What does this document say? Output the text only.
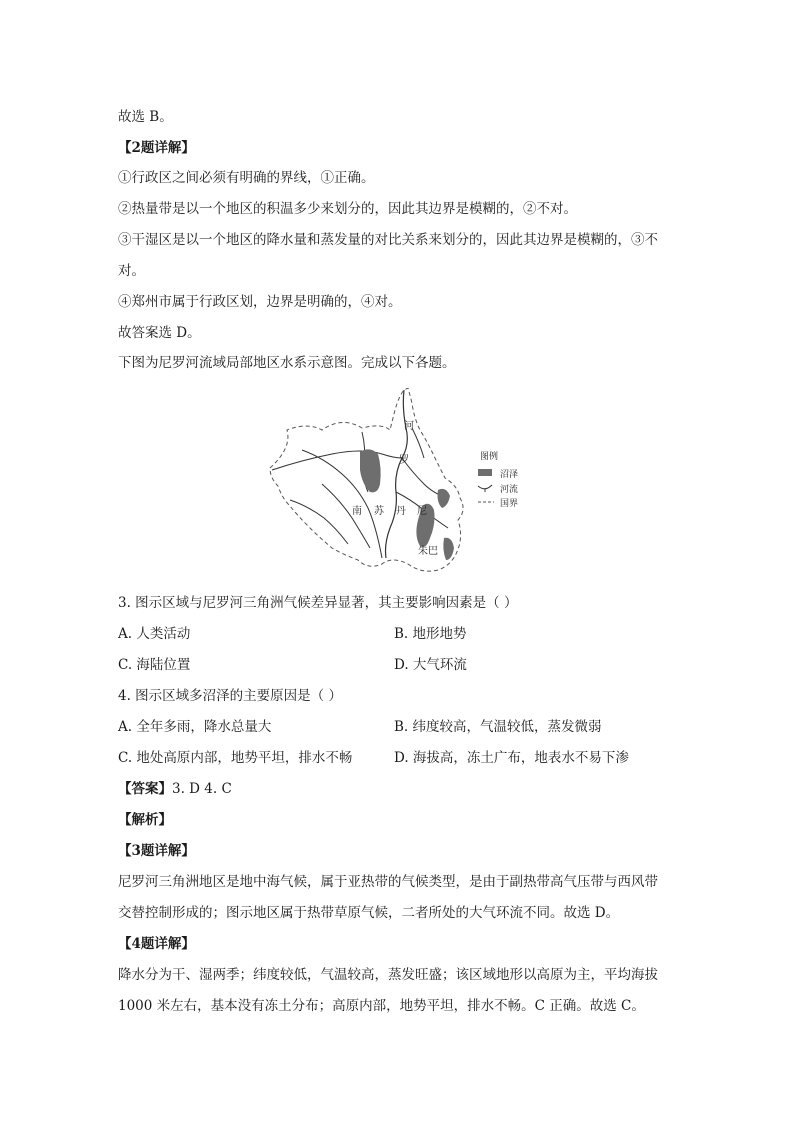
故选 B。
【2题详解】
①行政区之间必须有明确的界线，①正确。
②热量带是以一个地区的积温多少来划分的，因此其边界是模糊的，②不对。
③干湿区是以一个地区的降水量和蒸发量的对比关系来划分的，因此其边界是模糊的，③不
对。
④郑州市属于行政区划，边界是明确的，④对。
故答案选 D。
下图为尼罗河流域局部地区水系示意图。完成以下各题。
河
罗
尼
南 苏 丹
朱巴
图例
沼泽
河流
国界
3. 图示区域与尼罗河三角洲气候差异显著，其主要影响因素是（ ）
A. 人类活动	B. 地形地势
C. 海陆位置	D. 大气环流
4. 图示区域多沼泽的主要原因是（ ）
A. 全年多雨，降水总量大	B. 纬度较高，气温较低，蒸发微弱
C. 地处高原内部，地势平坦，排水不畅	D. 海拔高，冻土广布，地表水不易下渗
【答案】3. D 4. C
【解析】
【3题详解】
尼罗河三角洲地区是地中海气候，属于亚热带的气候类型，是由于副热带高气压带与西风带
交替控制形成的；图示地区属于热带草原气候，二者所处的大气环流不同。故选 D。
【4题详解】
降水分为干、湿两季；纬度较低，气温较高，蒸发旺盛；该区域地形以高原为主，平均海拔
1000 米左右，基本没有冻土分布；高原内部，地势平坦，排水不畅。C 正确。故选 C。
